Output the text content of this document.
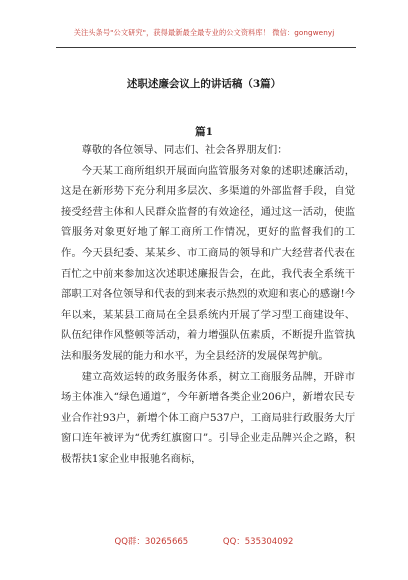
关注头条号"公文研究"，获得最新最全最专业的公文资料库！ 微信：gongwenyj
述职述廉会议上的讲话稿（3篇）
篇1

尊敬的各位领导、同志们、社会各界朋友们：

今天某工商所组织开展面向监管服务对象的述职述廉活动，这是在新形势下充分利用多层次、多渠道的外部监督手段，自觉接受经营主体和人民群众监督的有效途径，通过这一活动，使监管服务对象更好地了解工商所工作情况，更好的监督我们的工作。今天县纪委、某某乡、市工商局的领导和广大经营者代表在百忙之中前来参加这次述职述廉报告会，在此，我代表全系统干部职工对各位领导和代表的到来表示热烈的欢迎和衷心的感谢!今年以来，某某县工商局在全县系统内开展了学习型工商建设年、队伍纪律作风整顿等活动，着力增强队伍素质，不断提升监管执法和服务发展的能力和水平，为全县经济的发展保驾护航。

建立高效运转的政务服务体系，树立工商服务品牌，开辟市场主体准入“绿色通道”，今年新增各类企业206户，新增农民专业合作社93户，新增个体工商户537户，工商局驻行政服务大厅窗口连年被评为“优秀红旗窗口”。引导企业走品牌兴企之路，积极帮扶1家企业申报驰名商标，

QQ群：30265665	QQ：535304092
